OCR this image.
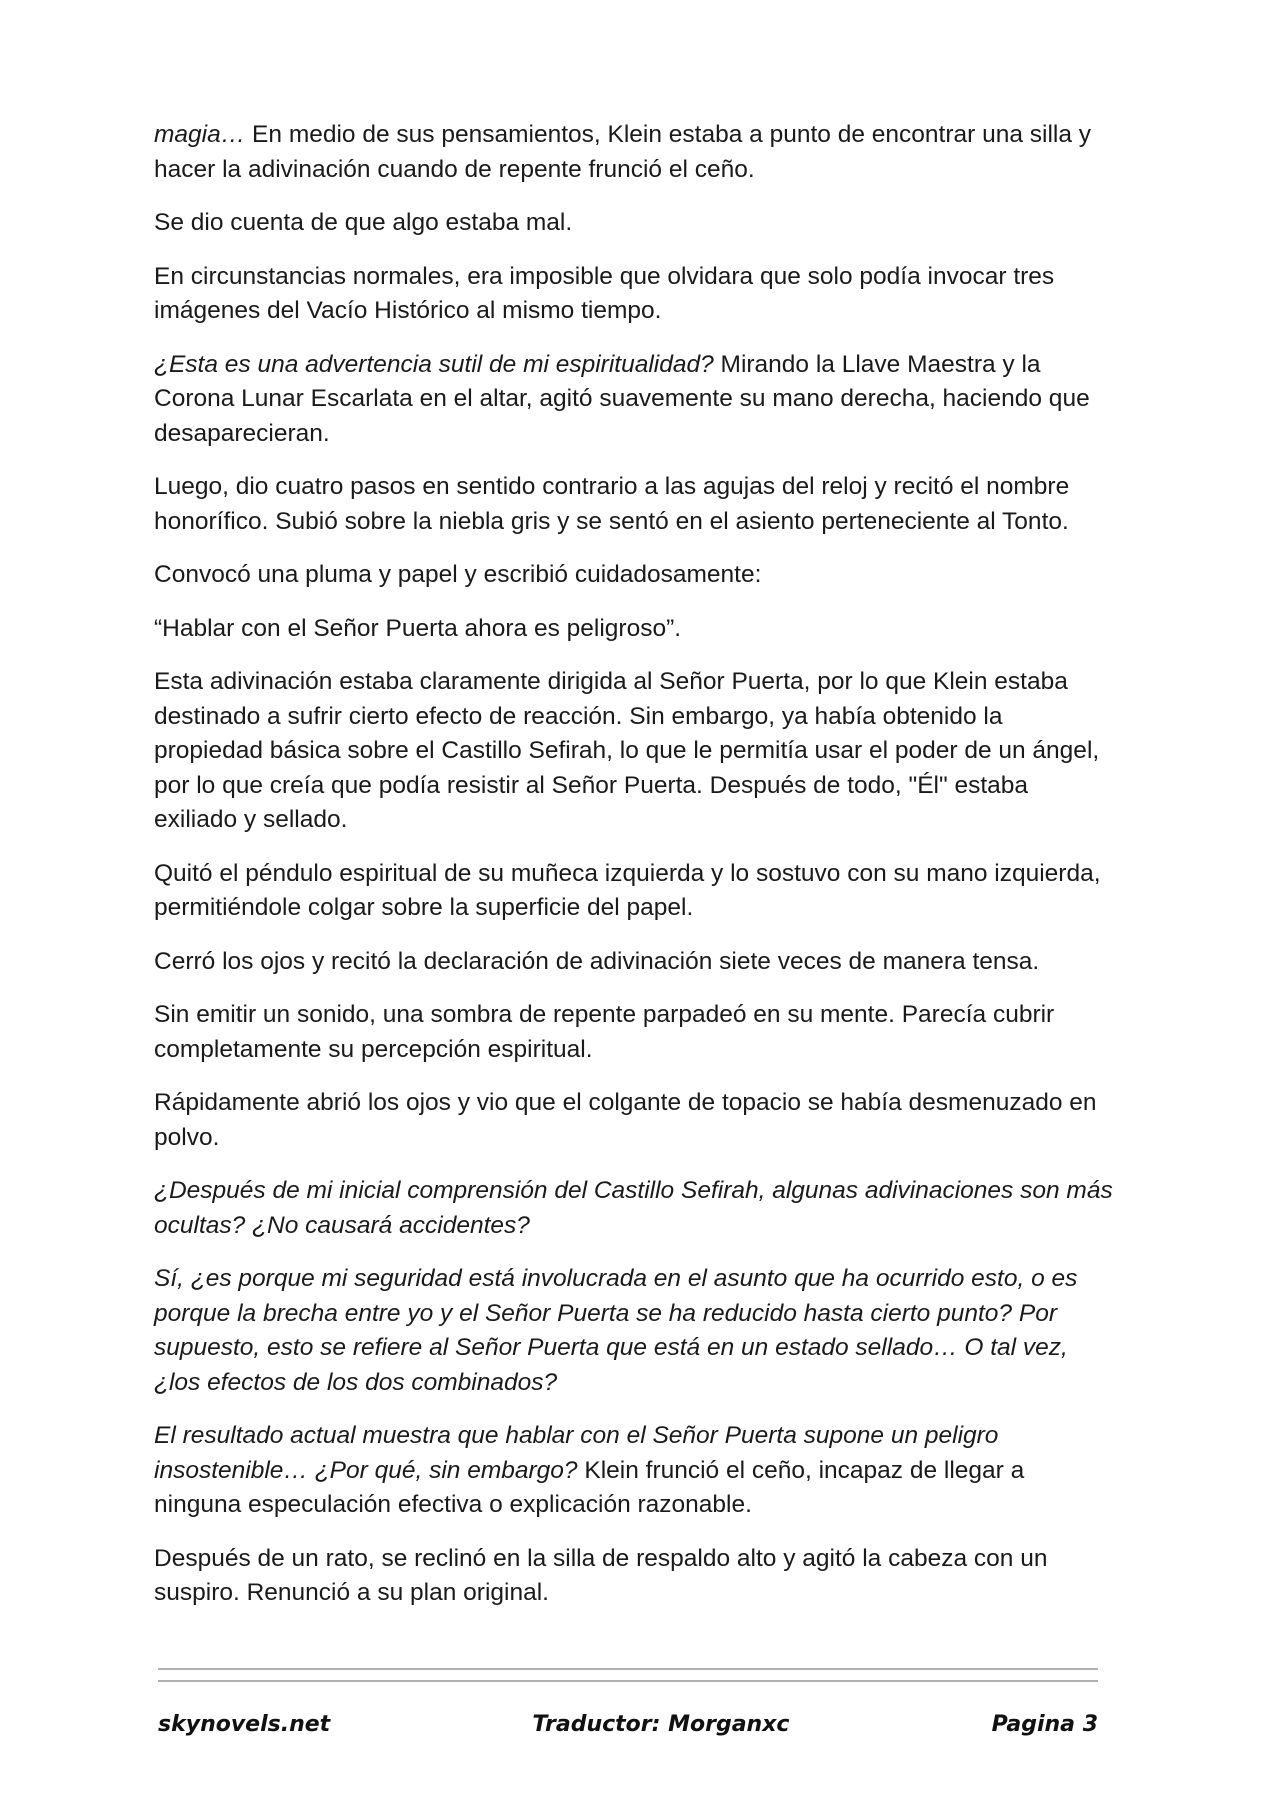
magia… En medio de sus pensamientos, Klein estaba a punto de encontrar una silla y hacer la adivinación cuando de repente frunció el ceño.

Se dio cuenta de que algo estaba mal.

En circunstancias normales, era imposible que olvidara que solo podía invocar tres imágenes del Vacío Histórico al mismo tiempo.

¿Esta es una advertencia sutil de mi espiritualidad? Mirando la Llave Maestra y la Corona Lunar Escarlata en el altar, agitó suavemente su mano derecha, haciendo que desaparecieran.

Luego, dio cuatro pasos en sentido contrario a las agujas del reloj y recitó el nombre honorífico. Subió sobre la niebla gris y se sentó en el asiento perteneciente al Tonto.

Convocó una pluma y papel y escribió cuidadosamente:

“Hablar con el Señor Puerta ahora es peligroso”.

Esta adivinación estaba claramente dirigida al Señor Puerta, por lo que Klein estaba destinado a sufrir cierto efecto de reacción. Sin embargo, ya había obtenido la propiedad básica sobre el Castillo Sefirah, lo que le permitía usar el poder de un ángel, por lo que creía que podía resistir al Señor Puerta. Después de todo, "Él" estaba exiliado y sellado.

Quitó el péndulo espiritual de su muñeca izquierda y lo sostuvo con su mano izquierda, permitiéndole colgar sobre la superficie del papel.

Cerró los ojos y recitó la declaración de adivinación siete veces de manera tensa.

Sin emitir un sonido, una sombra de repente parpadeó en su mente. Parecía cubrir completamente su percepción espiritual.

Rápidamente abrió los ojos y vio que el colgante de topacio se había desmenuzado en polvo.

¿Después de mi inicial comprensión del Castillo Sefirah, algunas adivinaciones son más ocultas? ¿No causará accidentes?

Sí, ¿es porque mi seguridad está involucrada en el asunto que ha ocurrido esto, o es porque la brecha entre yo y el Señor Puerta se ha reducido hasta cierto punto? Por supuesto, esto se refiere al Señor Puerta que está en un estado sellado… O tal vez, ¿los efectos de los dos combinados?

El resultado actual muestra que hablar con el Señor Puerta supone un peligro insostenible… ¿Por qué, sin embargo? Klein frunció el ceño, incapaz de llegar a ninguna especulación efectiva o explicación razonable.

Después de un rato, se reclinó en la silla de respaldo alto y agitó la cabeza con un suspiro. Renunció a su plan original.

skynovels.net	Traductor: Morganxc	Pagina 3
